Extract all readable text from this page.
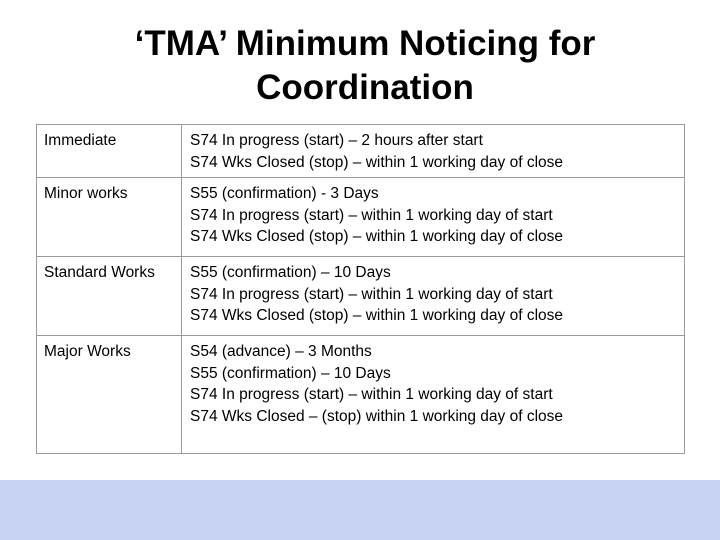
‘TMA’ Minimum Noticing for
Coordination
Immediate	S74 In progress (start) – 2 hours after start
S74 Wks Closed (stop) – within 1 working day of close

Minor works	S55 (confirmation) - 3 Days
S74 In progress (start) – within 1 working day of start
S74 Wks Closed (stop) – within 1 working day of close

Standard Works	S55 (confirmation) – 10 Days
S74 In progress (start) – within 1 working day of start
S74 Wks Closed (stop) – within 1 working day of close

Major Works	S54 (advance) – 3 Months
S55 (confirmation) – 10 Days
S74 In progress (start) – within 1 working day of start
S74 Wks Closed – (stop) within 1 working day of close
